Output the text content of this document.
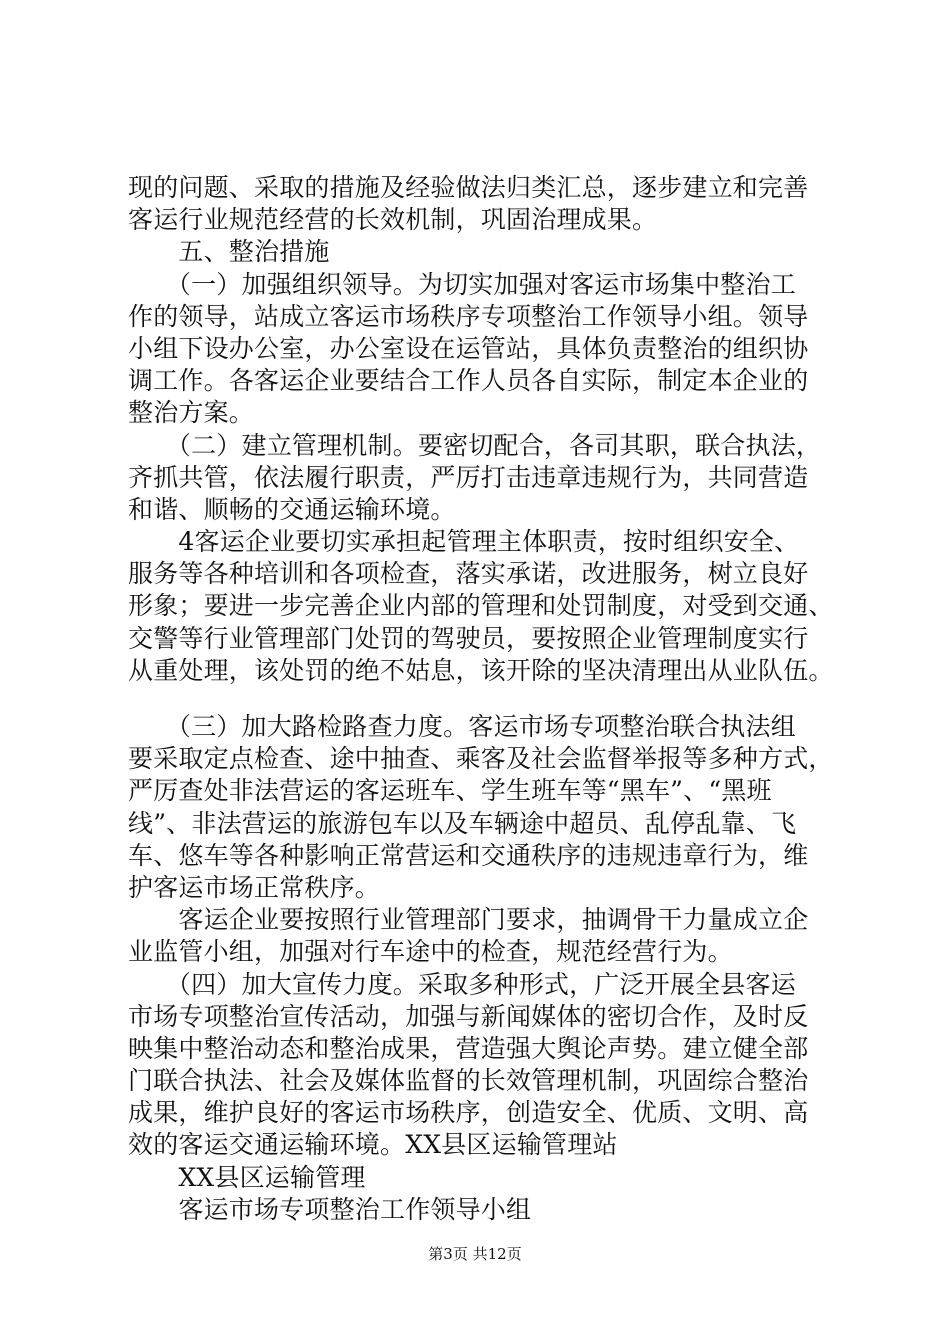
现的问题、采取的措施及经验做法归类汇总，逐步建立和完善
客运行业规范经营的长效机制，巩固治理成果。
　　五、整治措施
　　（一）加强组织领导。为切实加强对客运市场集中整治工
作的领导，站成立客运市场秩序专项整治工作领导小组。领导
小组下设办公室，办公室设在运管站，具体负责整治的组织协
调工作。各客运企业要结合工作人员各自实际，制定本企业的
整治方案。
　　（二）建立管理机制。要密切配合，各司其职，联合执法，
齐抓共管，依法履行职责，严厉打击违章违规行为，共同营造
和谐、顺畅的交通运输环境。
　　4客运企业要切实承担起管理主体职责，按时组织安全、
服务等各种培训和各项检查，落实承诺，改进服务，树立良好
形象；要进一步完善企业内部的管理和处罚制度，对受到交通、
交警等行业管理部门处罚的驾驶员，要按照企业管理制度实行
从重处理，该处罚的绝不姑息，该开除的坚决清理出从业队伍。
　　（三）加大路检路查力度。客运市场专项整治联合执法组
要采取定点检查、途中抽查、乘客及社会监督举报等多种方式，
严厉查处非法营运的客运班车、学生班车等“黑车”、“黑班
线”、非法营运的旅游包车以及车辆途中超员、乱停乱靠、飞
车、悠车等各种影响正常营运和交通秩序的违规违章行为，维
护客运市场正常秩序。
　　客运企业要按照行业管理部门要求，抽调骨干力量成立企
业监管小组，加强对行车途中的检查，规范经营行为。
　　（四）加大宣传力度。采取多种形式，广泛开展全县客运
市场专项整治宣传活动，加强与新闻媒体的密切合作，及时反
映集中整治动态和整治成果，营造强大舆论声势。建立健全部
门联合执法、社会及媒体监督的长效管理机制，巩固综合整治
成果，维护良好的客运市场秩序，创造安全、优质、文明、高
效的客运交通运输环境。XX县区运输管理站
　　XX县区运输管理
　　客运市场专项整治工作领导小组
第3页 共12页
